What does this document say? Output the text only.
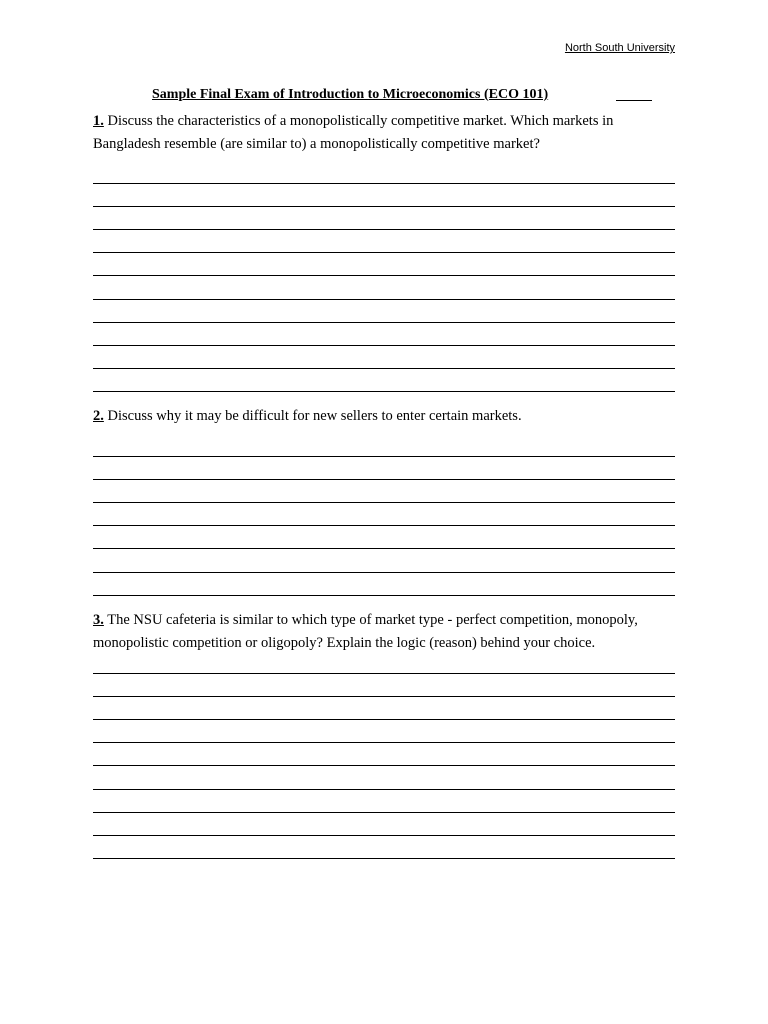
North South University
Sample Final Exam of Introduction to Microeconomics (ECO 101)
1. Discuss the characteristics of a monopolistically competitive market. Which markets in Bangladesh resemble (are similar to) a monopolistically competitive market?
2. Discuss why it may be difficult for new sellers to enter certain markets.
3. The NSU cafeteria is similar to which type of market type - perfect competition, monopoly, monopolistic competition or oligopoly? Explain the logic (reason) behind your choice.
